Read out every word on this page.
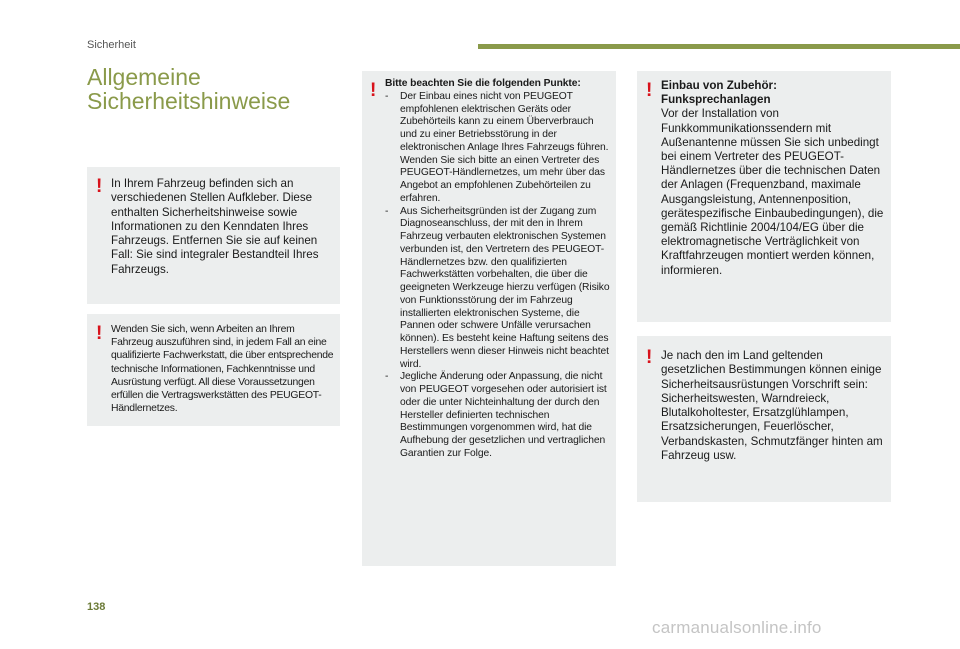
Sicherheit
Allgemeine
Sicherheitshinweise
! In Ihrem Fahrzeug befinden sich an verschiedenen Stellen Aufkleber. Diese enthalten Sicherheitshinweise sowie Informationen zu den Kenndaten Ihres Fahrzeugs. Entfernen Sie sie auf keinen Fall: Sie sind integraler Bestandteil Ihres Fahrzeugs.

! Wenden Sie sich, wenn Arbeiten an Ihrem Fahrzeug auszuführen sind, in jedem Fall an eine qualifizierte Fachwerkstatt, die über entsprechende technische Informationen, Fachkenntnisse und Ausrüstung verfügt. All diese Voraussetzungen erfüllen die Vertragswerkstätten des PEUGEOT-Händlernetzes.

! Bitte beachten Sie die folgenden Punkte:

- Der Einbau eines nicht von PEUGEOT empfohlenen elektrischen Geräts oder Zubehörteils kann zu einem Überverbrauch und zu einer Betriebsstörung in der elektronischen Anlage Ihres Fahrzeugs führen. Wenden Sie sich bitte an einen Vertreter des PEUGEOT-Händlernetzes, um mehr über das Angebot an empfohlenen Zubehörteilen zu erfahren.
- Aus Sicherheitsgründen ist der Zugang zum Diagnoseanschluss, der mit den in Ihrem Fahrzeug verbauten elektronischen Systemen verbunden ist, den Vertretern des PEUGEOT-Händlernetzes bzw. den qualifizierten Fachwerkstätten vorbehalten, die über die geeigneten Werkzeuge hierzu verfügen (Risiko von Funktionsstörung der im Fahrzeug installierten elektronischen Systeme, die Pannen oder schwere Unfälle verursachen können). Es besteht keine Haftung seitens des Herstellers wenn dieser Hinweis nicht beachtet wird.
- Jegliche Änderung oder Anpassung, die nicht von PEUGEOT vorgesehen oder autorisiert ist oder die unter Nichteinhaltung der durch den Hersteller definierten technischen Bestimmungen vorgenommen wird, hat die Aufhebung der gesetzlichen und vertraglichen Garantien zur Folge.
! Einbau von Zubehör:

Funksprechanlagen

Vor der Installation von Funkkommunikationssendern mit Außenantenne müssen Sie sich unbedingt bei einem Vertreter des PEUGEOT-Händlernetzes über die technischen Daten der Anlagen (Frequenzband, maximale Ausgangsleistung, Antennenposition, gerätespezifische Einbaubedingungen), die gemäß Richtlinie 2004/104/EG über die elektromagnetische Verträglichkeit von Kraftfahrzeugen montiert werden können, informieren.

! Je nach den im Land geltenden gesetzlichen Bestimmungen können einige Sicherheitsausrüstungen Vorschrift sein: Sicherheitswesten, Warndreieck, Blutalkoholtester, Ersatzglühlampen, Ersatzsicherungen, Feuerlöscher, Verbandskasten, Schmutzfänger hinten am Fahrzeug usw.

138
carmanualsonline.info
